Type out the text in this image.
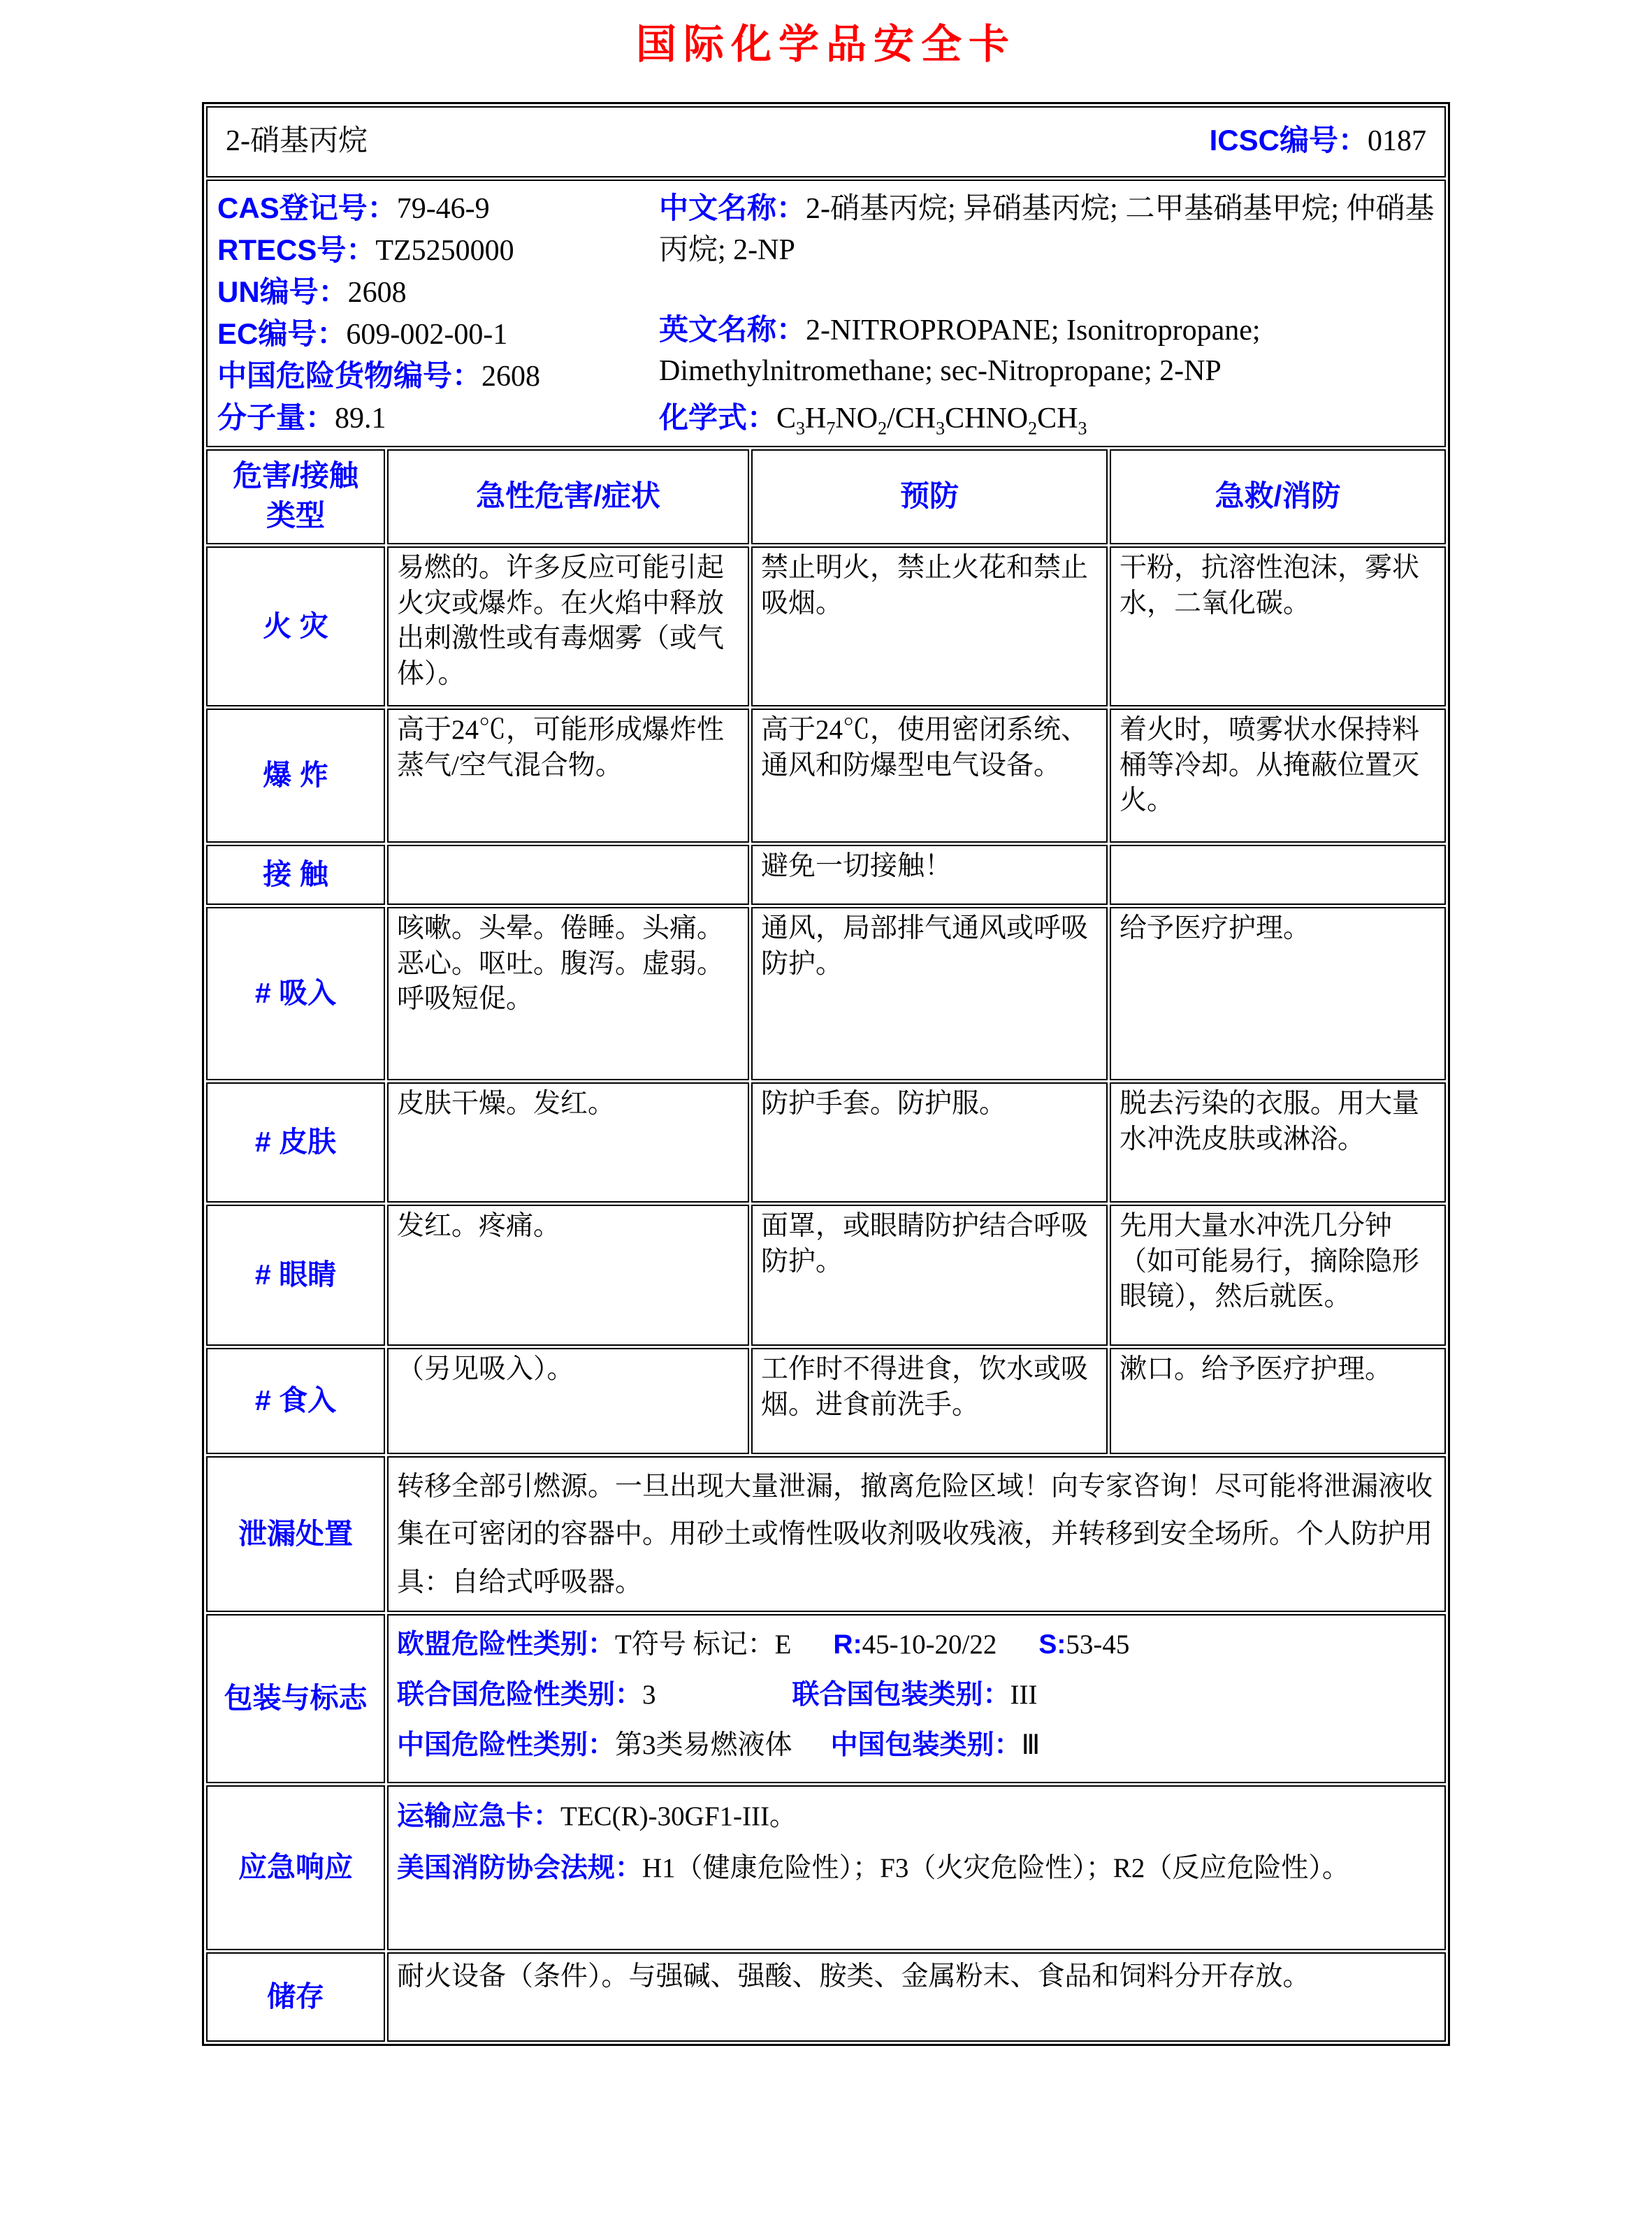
国际化学品安全卡
2-硝基丙烷 ICSC编号：0187			

CAS登记号：79-46-9
RTECS号：TZ5250000
UN编号：2608
EC编号：609-002-00-1
中国危险货物编号：2608
分子量：89.1
中文名称：2-硝基丙烷; 异硝基丙烷; 二甲基硝基甲烷; 仲硝基丙烷; 2-NP
英文名称：2-NITROPROPANE; Isonitropropane; Dimethylnitromethane; sec-Nitropropane; 2-NP
化学式：$C_3H_7NO_2/CH_3CHNO_2CH_3$

危害/接触
类型	急性危害/症状	预防	急救/消防
火 灾	易燃的。许多反应可能引起火灾或爆炸。在火焰中释放出刺激性或有毒烟雾（或气体）。	禁止明火，禁止火花和禁止吸烟。	干粉，抗溶性泡沫，雾状水，二氧化碳。
爆 炸	高于24℃，可能形成爆炸性蒸气/空气混合物。	高于24℃，使用密闭系统、通风和防爆型电气设备。	着火时，喷雾状水保持料桶等冷却。从掩蔽位置灭火。
接 触		避免一切接触！	
# 吸入	咳嗽。头晕。倦睡。头痛。恶心。呕吐。腹泻。虚弱。呼吸短促。	通风，局部排气通风或呼吸防护。	给予医疗护理。
# 皮肤	皮肤干燥。发红。	防护手套。防护服。	脱去污染的衣服。用大量水冲洗皮肤或淋浴。
# 眼睛	发红。疼痛。	面罩，或眼睛防护结合呼吸防护。	先用大量水冲洗几分钟（如可能易行，摘除隐形眼镜），然后就医。
# 食入	（另见吸入）。	工作时不得进食，饮水或吸烟。进食前洗手。	漱口。给予医疗护理。
泄漏处置	转移全部引燃源。一旦出现大量泄漏，撤离危险区域！向专家咨询！尽可能将泄漏液收集在可密闭的容器中。用砂土或惰性吸收剂吸收残液，并转移到安全场所。个人防护用具：自给式呼吸器。		
包装与标志	欧盟危险性类别：T符号 标记：E R:45-10-20/22 S:53-45
联合国危险性类别：3 联合国包装类别：III
中国危险性类别：第3类易燃液体 中国包装类别：Ⅲ		

应急响应	运输应急卡：TEC(R)-30GF1-III。
美国消防协会法规：H1（健康危险性）；F3（火灾危险性）；R2（反应危险性）。		

储存	耐火设备（条件）。与强碱、强酸、胺类、金属粉末、食品和饲料分开存放。		
